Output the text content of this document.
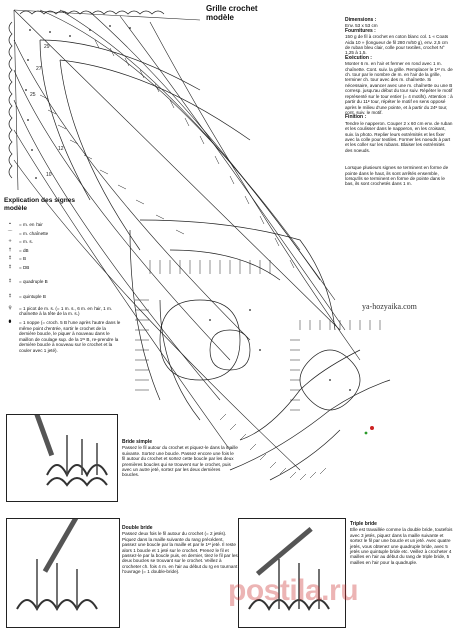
29
27
25
12
10
Grille crochet
modèle	Dimensions :
Env. 53 x 53 cm
Fournitures :
150 g de fil à crochet en coton blanc col. 1 « Coats Aida 10 » (longueur de fil 280 m/50 g), env. 2,5 cm de ruban bleu clair, colle pour textiles, crochet N° 1,25 à 1,5.
Exécution :
Monter 6 m. en l'air et fermer en rond avec 1 m. chaînette. Cont. suiv. la grille. Remplacer le 1ᵉʳ m. de ch. tour par le nombre de m. en l'air de la grille, terminer ch. tour avec des m. chaînette. Si nécessaire, avancer avec une m. chaînette ou une B corresp. jusqu'au début du tour suiv. Répéter le motif représenté sur le tour entier (= 4 motifs). Attention : à partir du 11ᵉ tour, répéter le motif en sens opposé après le milieu d'une pointe, et à partir du 24ᵉ tour, cont. suiv. le motif.
Finition :
Tendre le napperon. Couper 2 x 60 cm env. de ruban et les coulisser dans le napperon, en les croisant, suiv. la photo. Replier leurs extrémités et les fixer avec la colle pour textiles. Former les noeuds à part et les coller sur les rubans. Blaiser les extrémités des noeuds.
Lorsque plusieurs signes se terminent en forme de pointe dans le haut, ils sont arrêtés ensemble, lorsqu'ils se terminent en forme de pointe dans le bas, ils sont crochetés dans 1 m.
ya-hozyaika.com
Explication des signes
modèle
•	= m. en l'air
⌒	= m. chaînette
+	= m. s.
†	= dB
‡	= B
‡	= DB
‡	= quadruple B
‡	= quintuple B
♀	= 1 picot de m. s. (= 1 m. s., 6 m. en l'air, 1 m. chaînette à la tête de la m. s.)
⬮	= 1 noppe (= croch. 5 B l'une après l'autre dans le même point d'entrée, sortir le crochet de la dernière boucle, le piquer à nouveau dans le maillon de coulage sup. de la 1ʳᵉ B, re-prendre la dernière boucle à nouveau sur le crochet et la couler avec 1 jeté).
Bride simple
Passez le fil autour du crochet et piquez-le dans la maille suivante. Sortez une boucle. Passez encore une fois le fil autour du crochet et sortez cette boucle par les deux premières boucles qui se trouvent sur le crochet, puis avec un autre jeté, sortez par les deux dernières boucles.
Double bride
Passez deux fois le fil autour du crochet (= 2 jetés). Piquez dans la maille suivante du rang précédent, passez une boucle par la maille et par le 1ᵉʳ jeté. Il reste alors 1 boucle et 1 jeté sur le crochet. Prenez le fil et passez-le par la boucle puis, en dernier, tirez le fil par les deux boucles se trouvant sur le crochet. Veillez à crocheter ch. fois 4 m. en l'air au début du rg en tournant l'ouvrage (= 1 double-bride).
Triple bride
Elle est travaillée comme la double bride, toutefois avec 3 jetés, piquez dans la maille suivante et sortez le fil par une boucle et un jeté. Avec quatre jetés, vous obtenez une quadruple bride, avec 5 jetés une quintuple bride etc. Veillez à crocheter 4 mailles en l'air au début du rang de triple bride, 5 mailles en l'air pour la quadruple.
postila.ru
